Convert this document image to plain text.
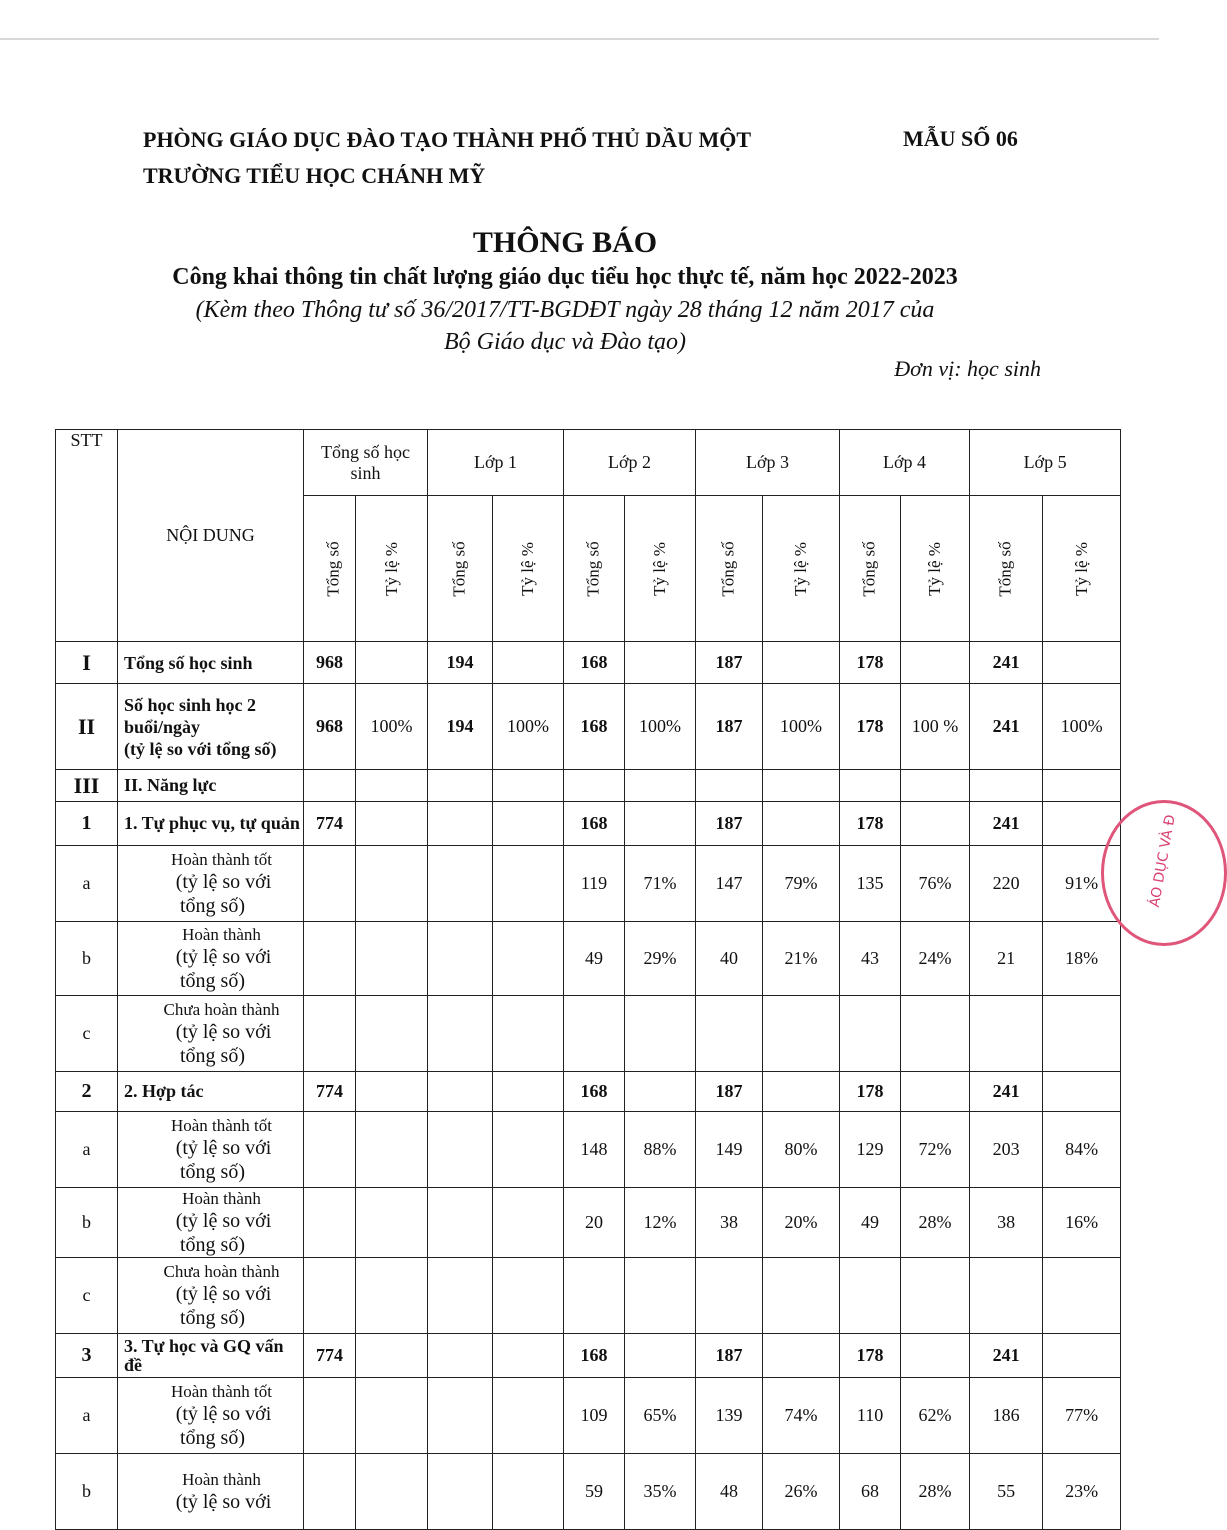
PHÒNG GIÁO DỤC ĐÀO TẠO THÀNH PHỐ THỦ DẦU MỘT
TRƯỜNG TIỂU HỌC CHÁNH MỸ
MẪU SỐ 06
THÔNG BÁO
Công khai thông tin chất lượng giáo dục tiểu học thực tế, năm học 2022-2023
(Kèm theo Thông tư số 36/2017/TT-BGDĐT ngày 28 tháng 12 năm 2017 của
Bộ Giáo dục và Đào tạo)
Đơn vị: học sinh
STT	NỘI DUNG	Tổng số học sinh		Lớp 1		Lớp 2		Lớp 3		Lớp 4		Lớp 5	
		Tổng số	Tỷ lệ %	Tổng số	Tỷ lệ %	Tổng số	Tỷ lệ %	Tổng số	Tỷ lệ %	Tổng số	Tỷ lệ %	Tổng số	Tỷ lệ %
I	Tổng số học sinh	968		194		168		187		178		241	
II	Số học sinh học 2 buổi/ngày
(tỷ lệ so với tổng số)	968	100%	194	100%	168	100%	187	100%	178	100 %	241	100%
III	II. Năng lực												
1	1. Tự phục vụ, tự quản	774				168		187		178		241	
a	Hoàn thành tốt
(tỷ lệ so với
tổng số)					119	71%	147	79%	135	76%	220	91%
b	Hoàn thành
(tỷ lệ so với
tổng số)					49	29%	40	21%	43	24%	21	18%
c	Chưa hoàn thành
(tỷ lệ so với
tổng số)												

2	2. Hợp tác	774				168		187		178		241	
a	Hoàn thành tốt
(tỷ lệ so với
tổng số)					148	88%	149	80%	129	72%	203	84%
b	Hoàn thành
(tỷ lệ so với
tổng số)					20	12%	38	20%	49	28%	38	16%
c	Chưa hoàn thành
(tỷ lệ so với
tổng số)												

3	3. Tự học và GQ vấn đề	774				168		187		178		241	
a	Hoàn thành tốt
(tỷ lệ so với
tổng số)					109	65%	139	74%	110	62%	186	77%
b	Hoàn thành
(tỷ lệ so với					59	35%	48	26%	68	28%	55	23%
ÁO DỤC VÀ Đ
